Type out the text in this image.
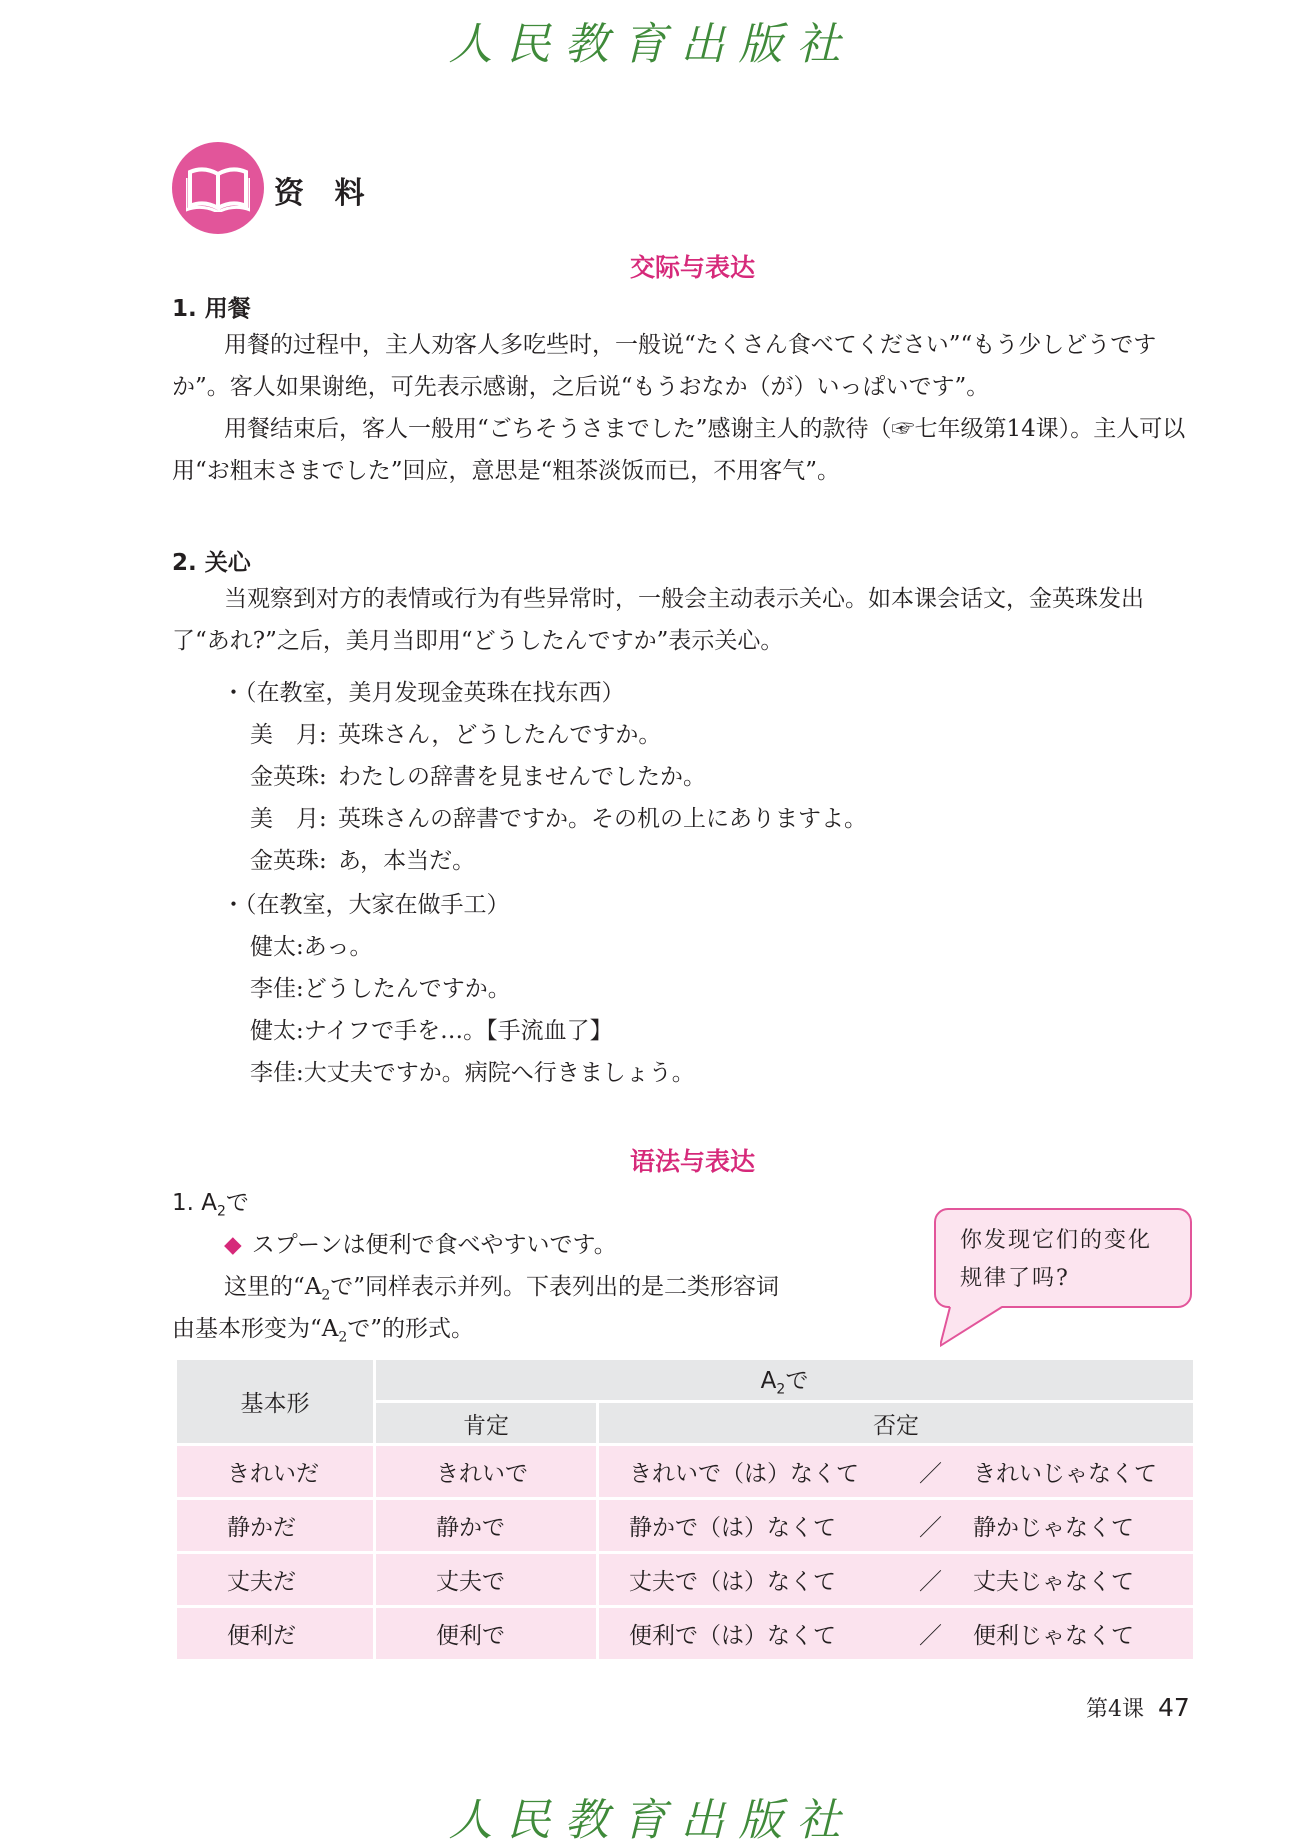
人民教育出版社
资 料
交际与表达
1. 用餐

用餐的过程中，主人劝客人多吃些时，一般说“たくさん食べてください”“もう少しどうですか”。客人如果谢绝，可先表示感谢，之后说“もうおなか（が）いっぱいです”。

用餐结束后，客人一般用“ごちそうさまでした”感谢主人的款待（☞七年级第14课）。主人可以用“お粗末さまでした”回应，意思是“粗茶淡饭而已，不用客气”。

2. 关心

当观察到对方的表情或行为有些异常时，一般会主动表示关心。如本课会话文，金英珠发出了“あれ?”之后，美月当即用“どうしたんですか”表示关心。

・（在教室，美月发现金英珠在找东西）
美　月: 英珠さん，どうしたんですか。
金英珠: わたしの辞書を見ませんでしたか。
美　月: 英珠さんの辞書ですか。その机の上にありますよ。
金英珠: あ，本当だ。
・（在教室，大家在做手工）
健太:あっ。
李佳:どうしたんですか。
健太:ナイフで手を…。【手流血了】
李佳:大丈夫ですか。病院へ行きましょう。
语法与表达
1. $A_2$で
◆ スプーンは便利で食べやすいです。
这里的“$A_2$で”同样表示并列。下表列出的是二类形容词
由基本形变为“$A_2$で”的形式。
你发现它们的变化
规律了吗?
基本形	$A_2$で	
	肯定	否定
きれいだ	きれいで	きれいで（は）なくて ／ きれいじゃなくて
静かだ	静かで	静かで（は）なくて ／ 静かじゃなくて
丈夫だ	丈夫で	丈夫で（は）なくて ／ 丈夫じゃなくて
便利だ	便利で	便利で（は）なくて ／ 便利じゃなくて
第4课 47
人民教育出版社
